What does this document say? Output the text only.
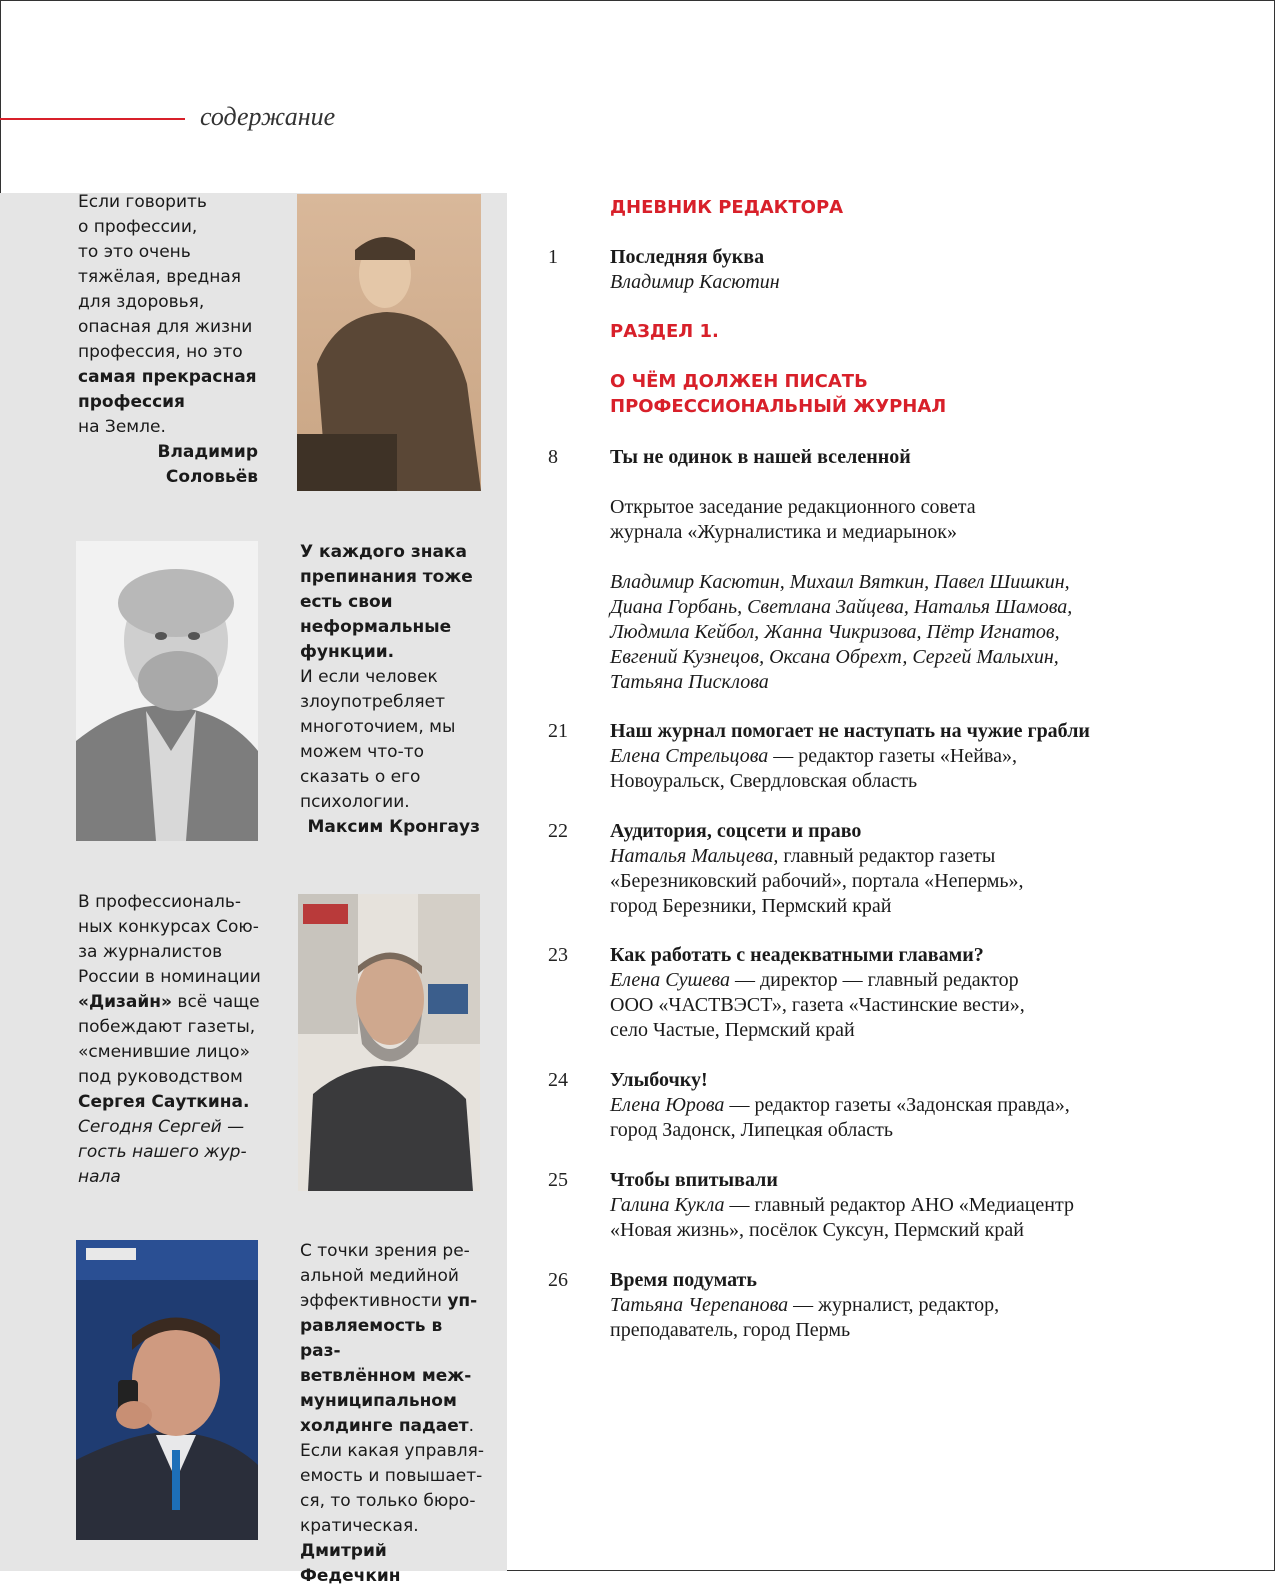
содержание
Если говорить
о профессии,
то это очень
тяжёлая, вредная
для здоровья,
опасная для жизни
профессия, но это
самая прекрасная
профессия
на Земле.
Владимир
Соловьёв
У каждого знака
препинания тоже
есть свои
неформальные
функции.
И если человек
злоупотребляет
многоточием, мы
можем что-то
сказать о его
психологии.
Максим Кронгауз
В профессиональ-
ных конкурсах Сою-
за журналистов
России в номинации
«Дизайн» всё чаще
побеждают газеты,
«сменившие лицо»
под руководством
Сергея Сауткина.
Сегодня Сергей —
гость нашего жур-
нала
С точки зрения ре-
альной медийной
эффективности уп-
равляемость в раз-
ветвлённом меж-
муниципальном
холдинге падает.
Если какая управля-
емость и повышает-
ся, то только бюро-
кратическая.
Дмитрий Федечкин
ДНЕВНИК РЕДАКТОРА
РАЗДЕЛ 1.
О ЧЁМ ДОЛЖЕН ПИСАТЬ
ПРОФЕССИОНАЛЬНЫЙ ЖУРНАЛ
1	Последняя буква
Владимир Касютин
8	Ты не одинок в нашей вселенной
Открытое заседание редакционного совета
журнала «Журналистика и медиарынок»
Владимир Касютин, Михаил Вяткин, Павел Шишкин,
Диана Горбань, Светлана Зайцева, Наталья Шамова,
Людмила Кейбол, Жанна Чикризова, Пётр Игнатов,
Евгений Кузнецов, Оксана Обрехт, Сергей Малыхин,
Татьяна Писклова
21	Наш журнал помогает не наступать на чужие грабли
Елена Стрельцова — редактор газеты «Нейва»,
Новоуральск, Свердловская область
22	Аудитория, соцсети и право
Наталья Мальцева, главный редактор газеты
«Березниковский рабочий», портала «Непермь»,
город Березники, Пермский край
23	Как работать с неадекватными главами?
Елена Сушева — директор — главный редактор
ООО «ЧАСТВЭСТ», газета «Частинские вести»,
село Частые, Пермский край
24	Улыбочку!
Елена Юрова — редактор газеты «Задонская правда»,
город Задонск, Липецкая область
25	Чтобы впитывали
Галина Кукла — главный редактор АНО «Медиацентр
«Новая жизнь», посёлок Суксун, Пермский край
26	Время подумать
Татьяна Черепанова — журналист, редактор,
преподаватель, город Пермь
